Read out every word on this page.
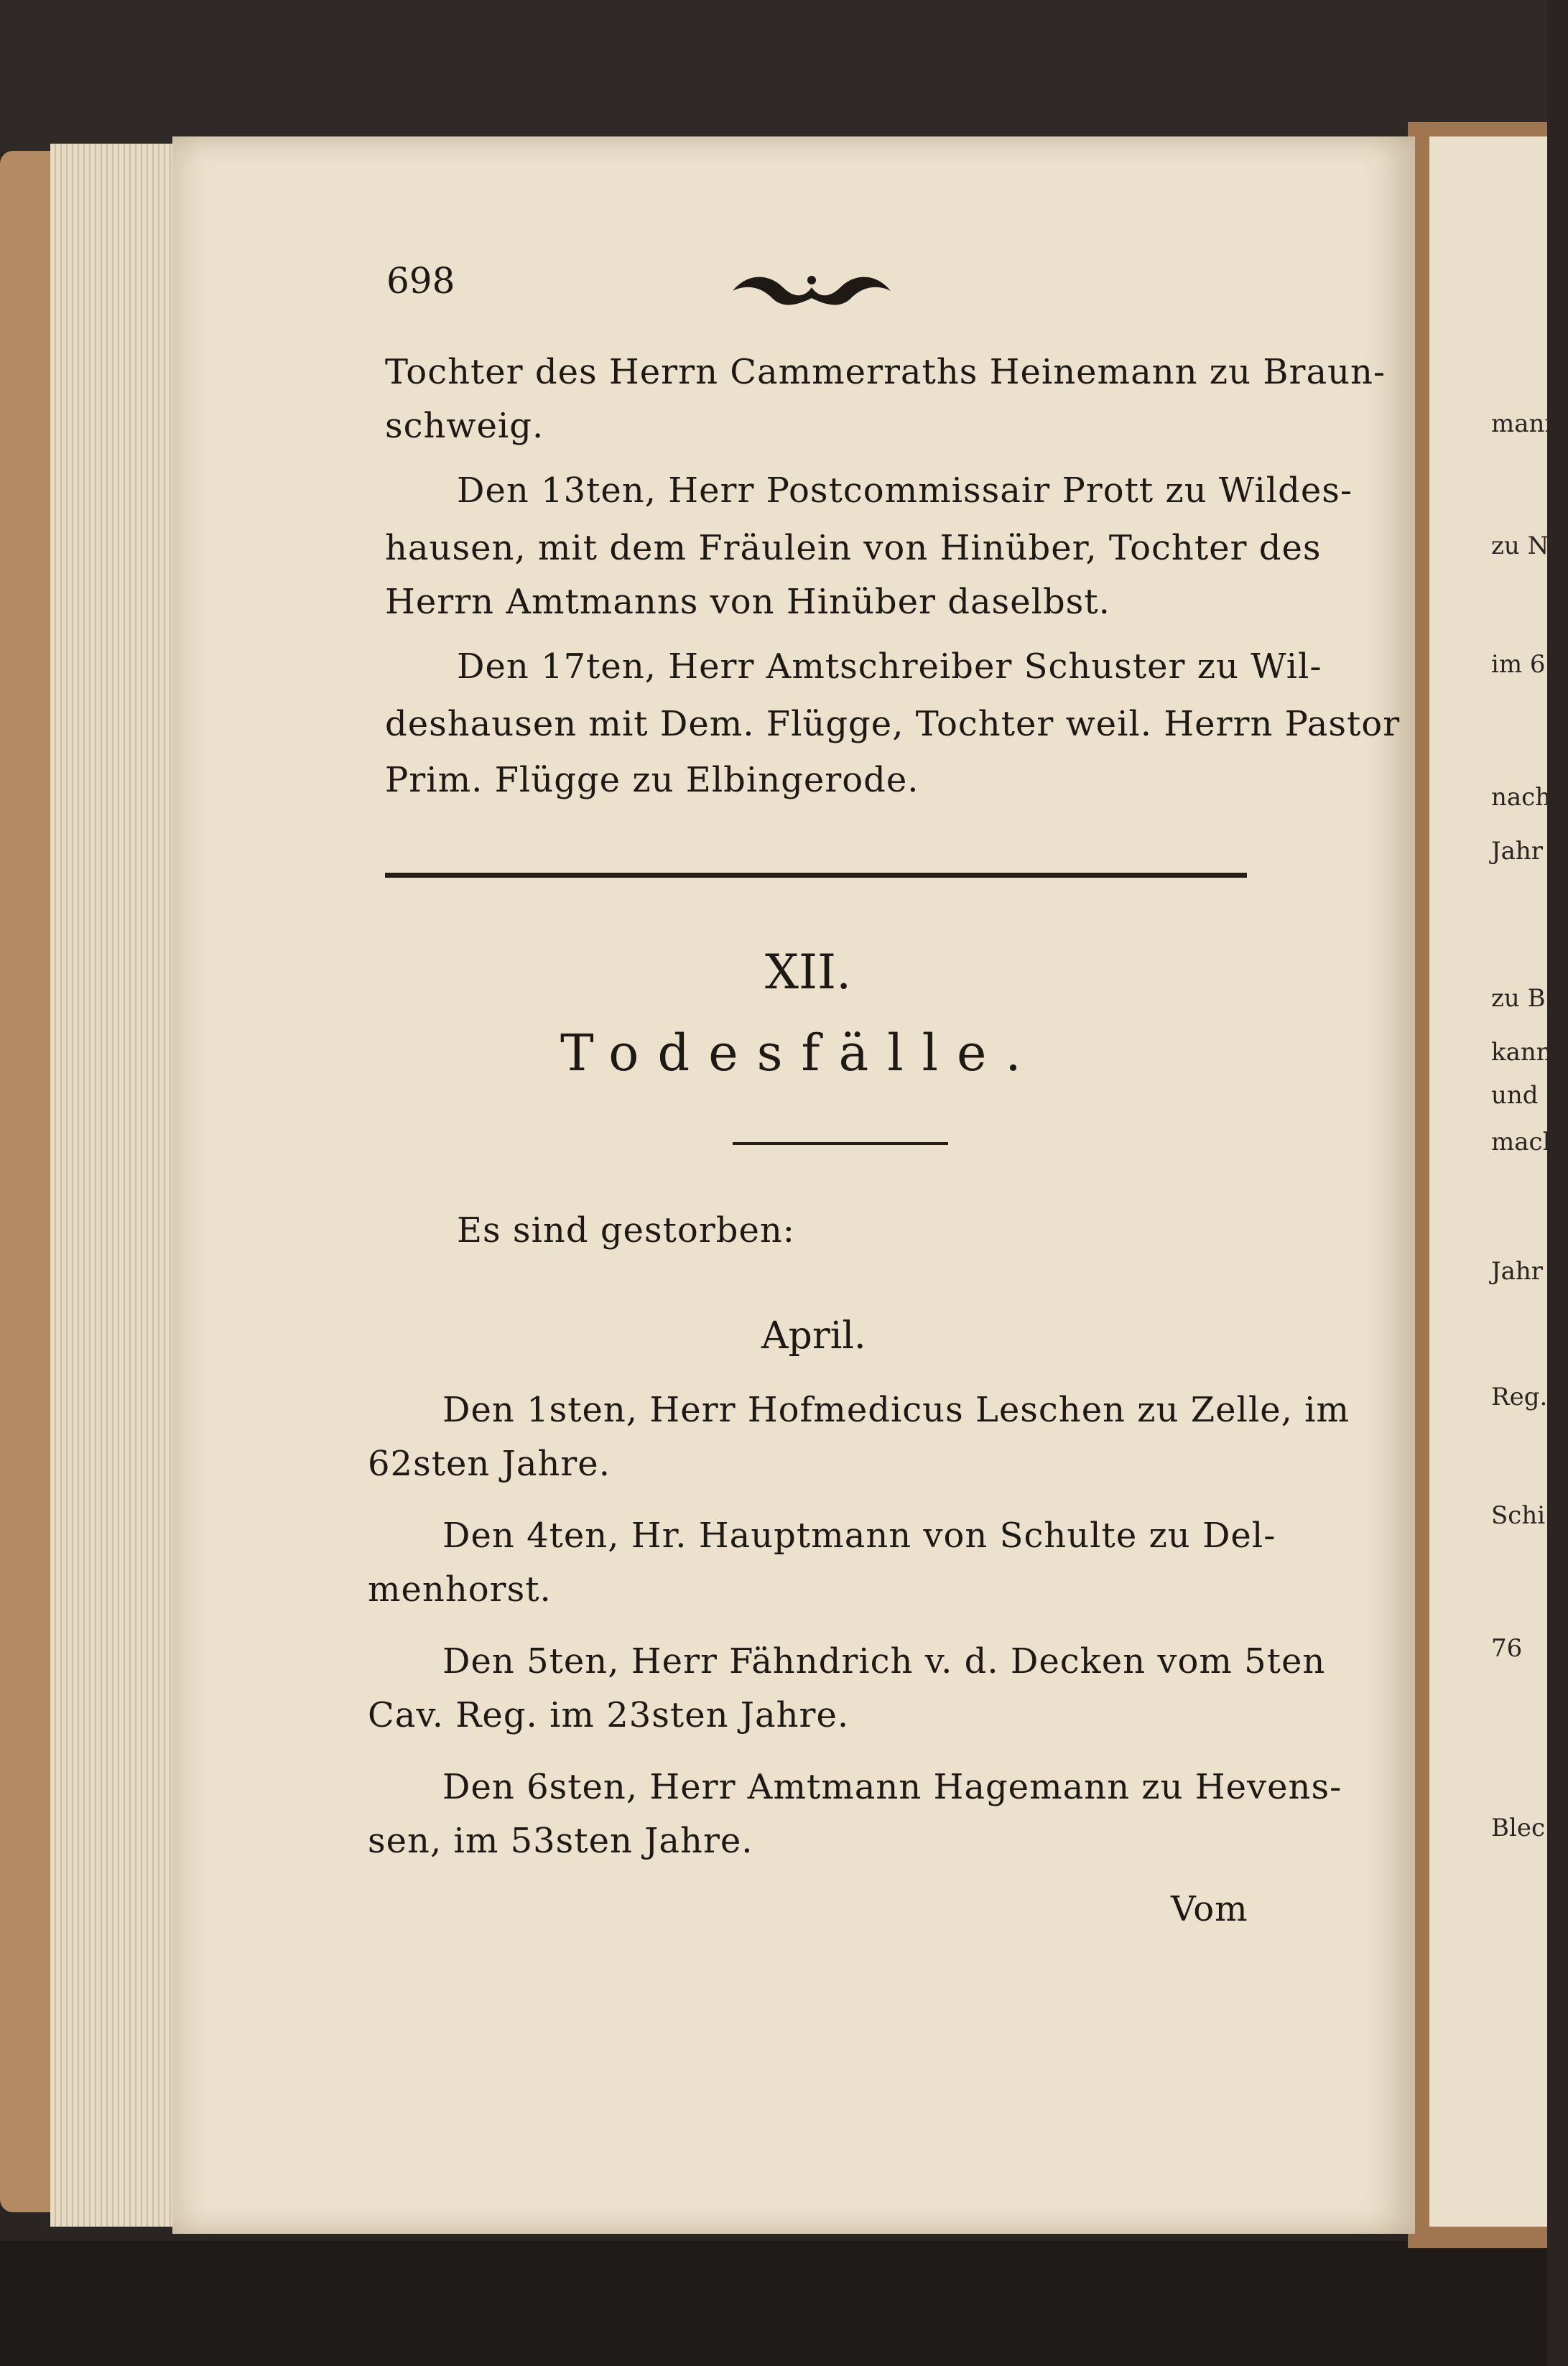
mann
zu N
im 6
nachg
Jahr
zu B
kannt
und
macht
Jahr
Reg.
Schi
76
Blec
698
Tochter des Herrn Cammerraths Heinemann zu Braun-
schweig.
Den 13ten, Herr Postcommissair Prott zu Wildes-
hausen, mit dem Fräulein von Hinüber, Tochter des
Herrn Amtmanns von Hinüber daselbst.
Den 17ten, Herr Amtschreiber Schuster zu Wil-
deshausen mit Dem. Flügge, Tochter weil. Herrn Pastor
Prim. Flügge zu Elbingerode.
XII.
Todesfälle.
Es sind gestorben:
April.
Den 1sten, Herr Hofmedicus Leschen zu Zelle, im
62sten Jahre.
Den 4ten, Hr. Hauptmann von Schulte zu Del-
menhorst.
Den 5ten, Herr Fähndrich v. d. Decken vom 5ten
Cav. Reg. im 23sten Jahre.
Den 6sten, Herr Amtmann Hagemann zu Hevens-
sen, im 53sten Jahre.
Vom
